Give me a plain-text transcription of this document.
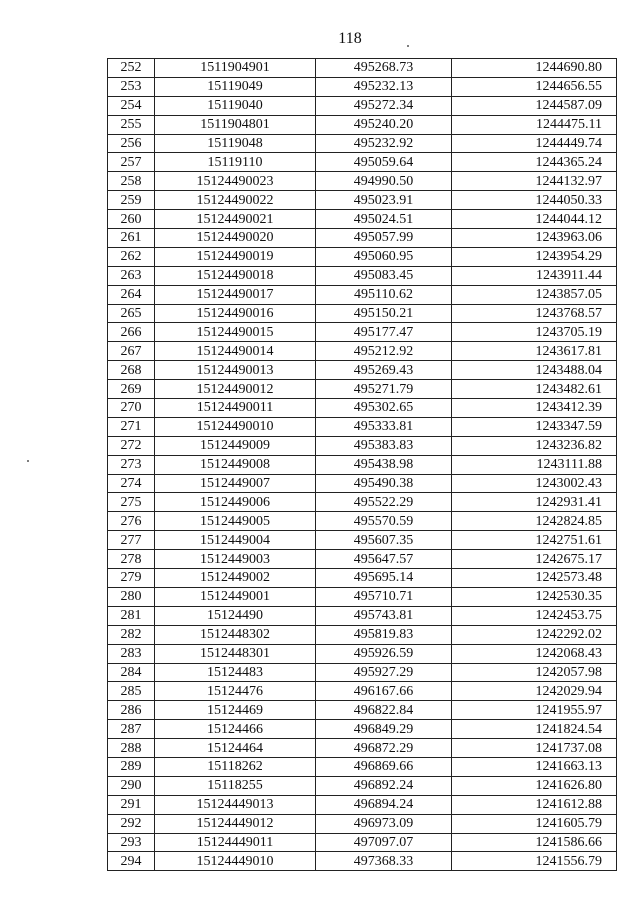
118
252	1511904901	495268.73	1244690.80
253	15119049	495232.13	1244656.55
254	15119040	495272.34	1244587.09
255	1511904801	495240.20	1244475.11
256	15119048	495232.92	1244449.74
257	15119110	495059.64	1244365.24
258	15124490023	494990.50	1244132.97
259	15124490022	495023.91	1244050.33
260	15124490021	495024.51	1244044.12
261	15124490020	495057.99	1243963.06
262	15124490019	495060.95	1243954.29
263	15124490018	495083.45	1243911.44
264	15124490017	495110.62	1243857.05
265	15124490016	495150.21	1243768.57
266	15124490015	495177.47	1243705.19
267	15124490014	495212.92	1243617.81
268	15124490013	495269.43	1243488.04
269	15124490012	495271.79	1243482.61
270	15124490011	495302.65	1243412.39
271	15124490010	495333.81	1243347.59
272	1512449009	495383.83	1243236.82
273	1512449008	495438.98	1243111.88
274	1512449007	495490.38	1243002.43
275	1512449006	495522.29	1242931.41
276	1512449005	495570.59	1242824.85
277	1512449004	495607.35	1242751.61
278	1512449003	495647.57	1242675.17
279	1512449002	495695.14	1242573.48
280	1512449001	495710.71	1242530.35
281	15124490	495743.81	1242453.75
282	1512448302	495819.83	1242292.02
283	1512448301	495926.59	1242068.43
284	15124483	495927.29	1242057.98
285	15124476	496167.66	1242029.94
286	15124469	496822.84	1241955.97
287	15124466	496849.29	1241824.54
288	15124464	496872.29	1241737.08
289	15118262	496869.66	1241663.13
290	15118255	496892.24	1241626.80
291	15124449013	496894.24	1241612.88
292	15124449012	496973.09	1241605.79
293	15124449011	497097.07	1241586.66
294	15124449010	497368.33	1241556.79
